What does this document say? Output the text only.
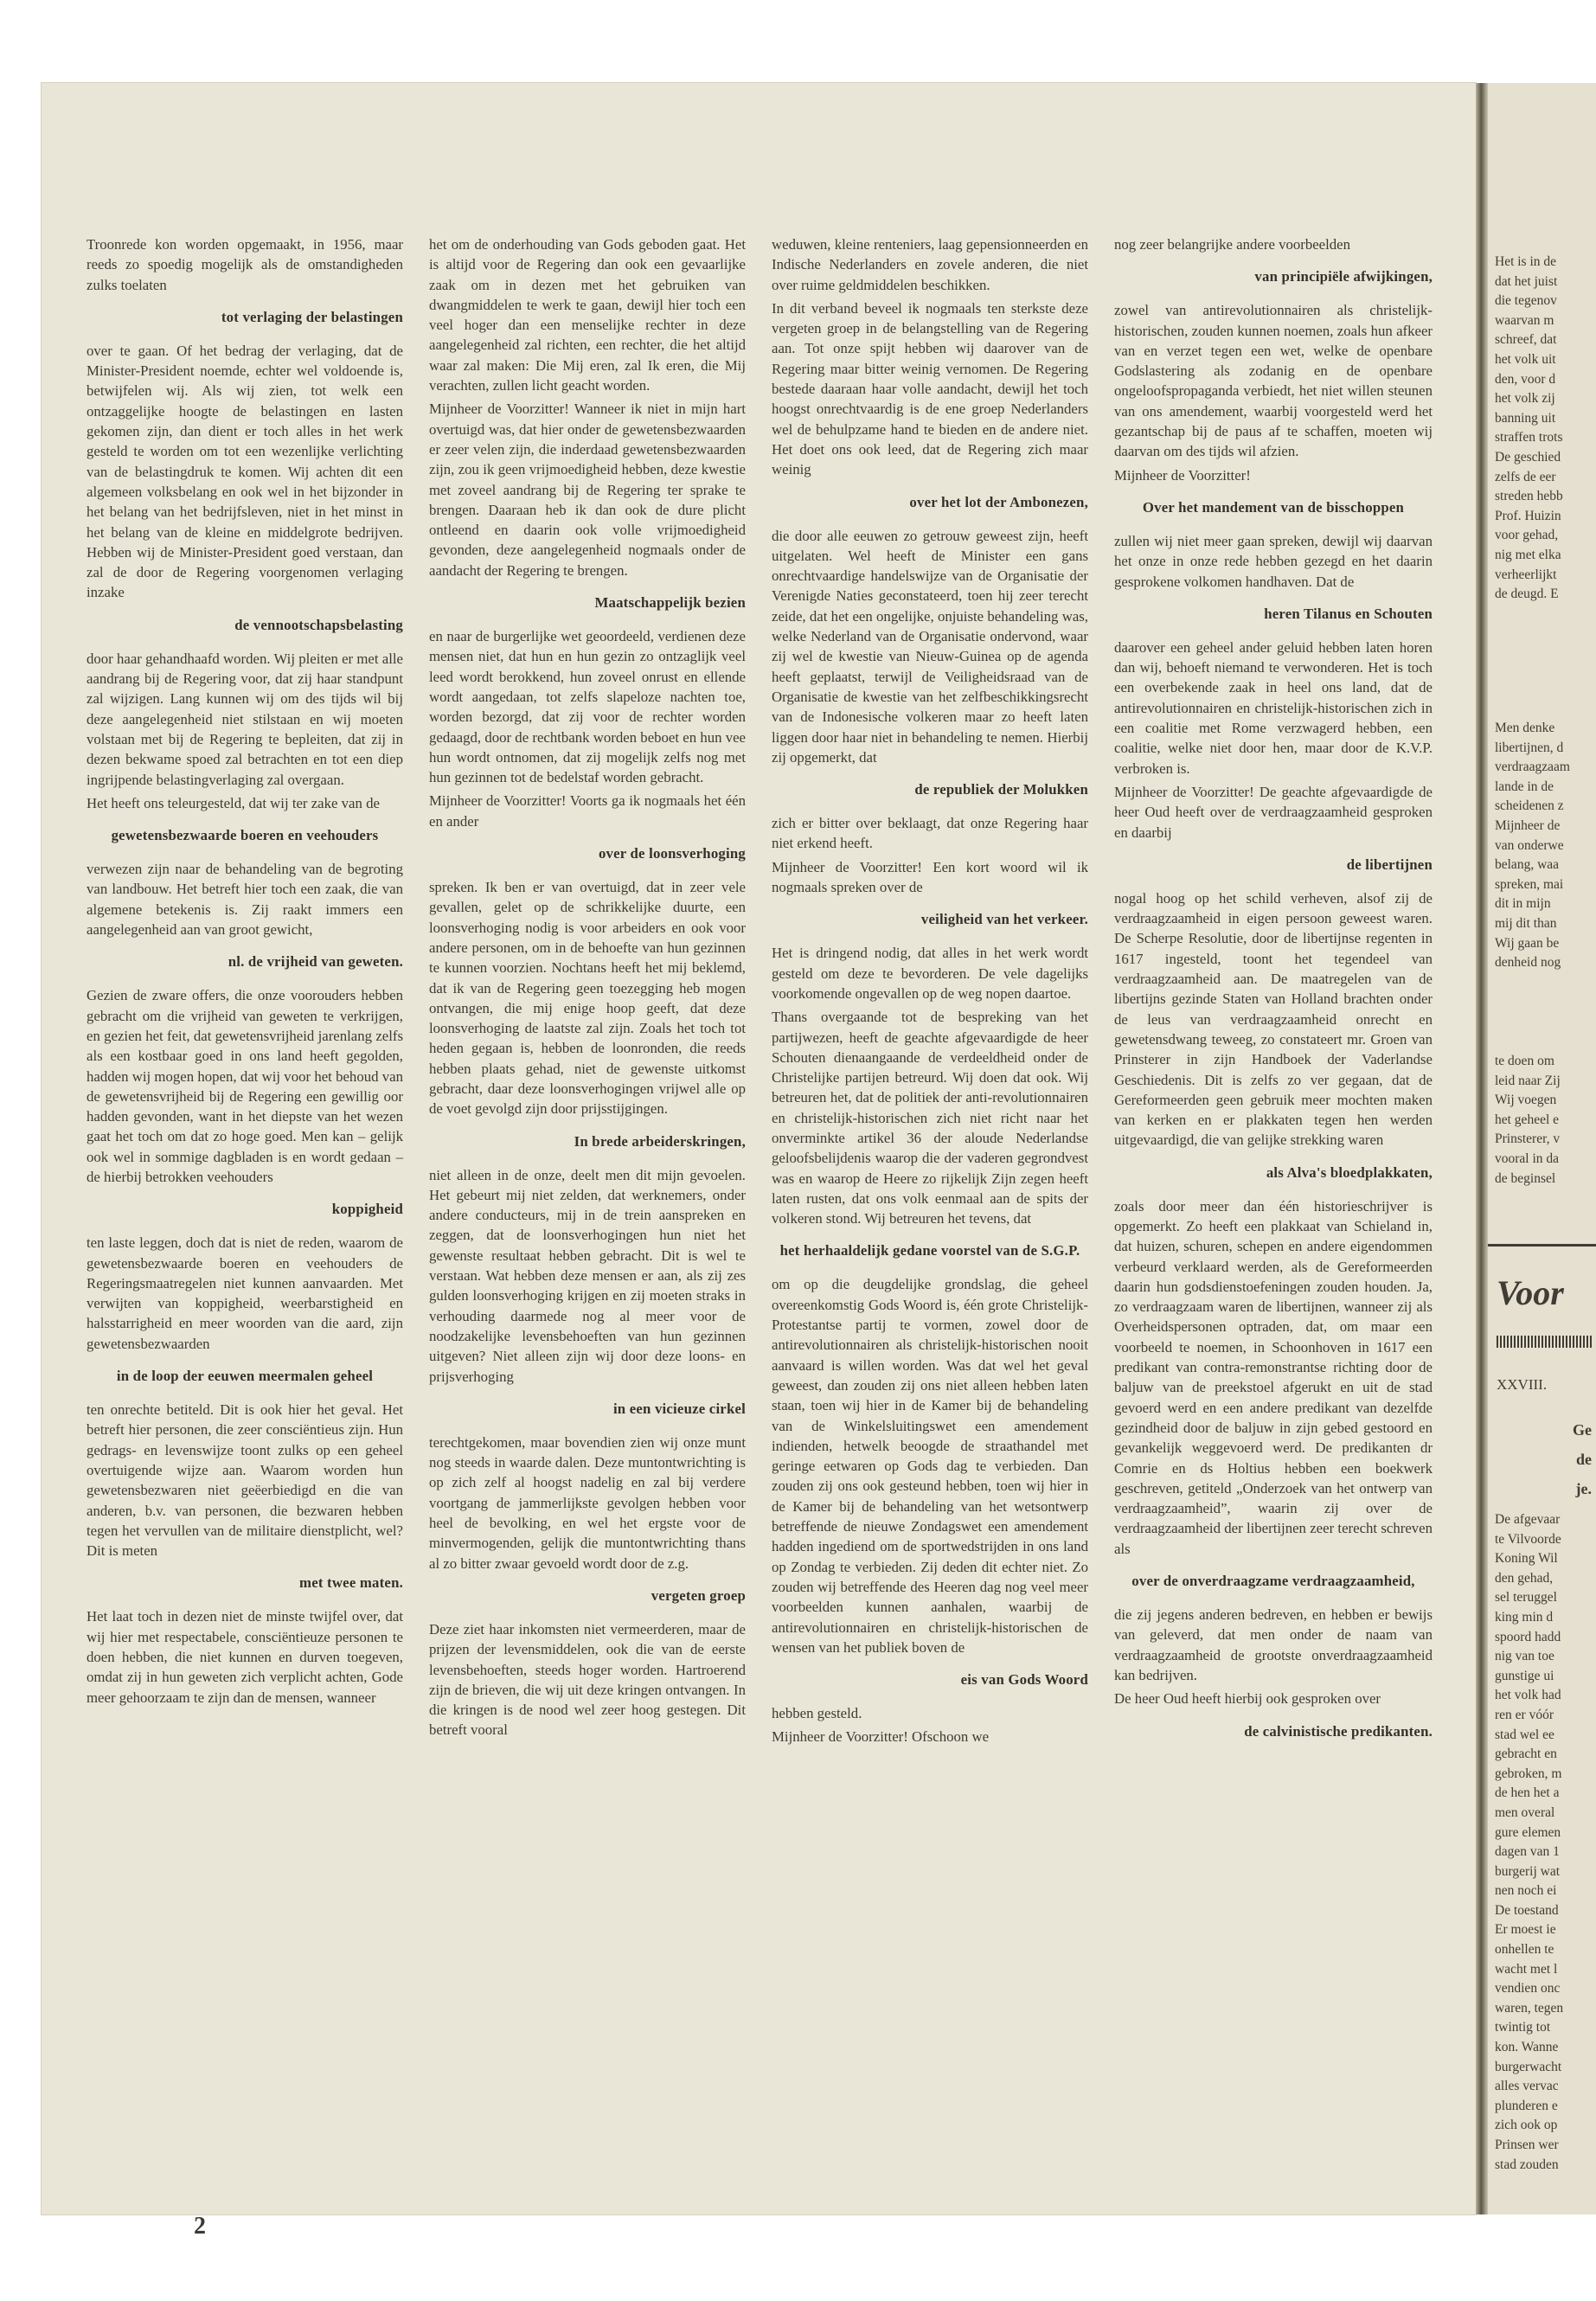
Troonrede kon worden opgemaakt, in 1956, maar reeds zo spoedig mogelijk als de omstandigheden zulks toelaten

tot verlaging der belastingen

over te gaan. Of het bedrag der verlaging, dat de Minister-President noemde, echter wel voldoende is, betwijfelen wij. Als wij zien, tot welk een ontzaggelijke hoogte de belastingen en lasten gekomen zijn, dan dient er toch alles in het werk gesteld te worden om tot een wezenlijke verlichting van de belastingdruk te komen. Wij achten dit een algemeen volksbelang en ook wel in het bijzonder in het belang van het bedrijfsleven, niet in het minst in het belang van de kleine en middelgrote bedrijven. Hebben wij de Minister-President goed verstaan, dan zal de door de Regering voorgenomen verlaging inzake

de vennootschapsbelasting

door haar gehandhaafd worden. Wij pleiten er met alle aandrang bij de Regering voor, dat zij haar standpunt zal wijzigen. Lang kunnen wij om des tijds wil bij deze aangelegenheid niet stilstaan en wij moeten volstaan met bij de Regering te bepleiten, dat zij in dezen bekwame spoed zal betrachten en tot een diep ingrijpende belastingverlaging zal overgaan.

Het heeft ons teleurgesteld, dat wij ter zake van de

gewetensbezwaarde boeren en veehouders

verwezen zijn naar de behandeling van de begroting van landbouw. Het betreft hier toch een zaak, die van algemene betekenis is. Zij raakt immers een aangelegenheid aan van groot gewicht,

nl. de vrijheid van geweten.

Gezien de zware offers, die onze voorouders hebben gebracht om die vrijheid van geweten te verkrijgen, en gezien het feit, dat gewetensvrijheid jarenlang zelfs als een kostbaar goed in ons land heeft gegolden, hadden wij mogen hopen, dat wij voor het behoud van de gewetensvrijheid bij de Regering een gewillig oor hadden gevonden, want in het diepste van het wezen gaat het toch om dat zo hoge goed. Men kan – gelijk ook wel in sommige dagbladen is en wordt gedaan – de hierbij betrokken veehouders

koppigheid

ten laste leggen, doch dat is niet de reden, waarom de gewetensbezwaarde boeren en veehouders de Regeringsmaatregelen niet kunnen aanvaarden. Met verwijten van koppigheid, weerbarstigheid en halsstarrigheid en meer woorden van die aard, zijn gewetensbezwaarden

in de loop der eeuwen meermalen geheel

ten onrechte betiteld. Dit is ook hier het geval. Het betreft hier personen, die zeer consciëntieus zijn. Hun gedrags- en levenswijze toont zulks op een geheel overtuigende wijze aan. Waarom worden hun gewetensbezwaren niet geëerbiedigd en die van anderen, b.v. van personen, die bezwaren hebben tegen het vervullen van de militaire dienstplicht, wel? Dit is meten

met twee maten.

Het laat toch in dezen niet de minste twijfel over, dat wij hier met respectabele, consciëntieuze personen te doen hebben, die niet kunnen en durven toegeven, omdat zij in hun geweten zich verplicht achten, Gode meer gehoorzaam te zijn dan de mensen, wanneer

het om de onderhouding van Gods geboden gaat. Het is altijd voor de Regering dan ook een gevaarlijke zaak om in dezen met het gebruiken van dwangmiddelen te werk te gaan, dewijl hier toch een veel hoger dan een menselijke rechter in deze aangelegenheid zal richten, een rechter, die het altijd waar zal maken: Die Mij eren, zal Ik eren, die Mij verachten, zullen licht geacht worden.

Mijnheer de Voorzitter! Wanneer ik niet in mijn hart overtuigd was, dat hier onder de gewetensbezwaarden er zeer velen zijn, die inderdaad gewetensbezwaarden zijn, zou ik geen vrijmoedigheid hebben, deze kwestie met zoveel aandrang bij de Regering ter sprake te brengen. Daaraan heb ik dan ook de dure plicht ontleend en daarin ook volle vrijmoedigheid gevonden, deze aangelegenheid nogmaals onder de aandacht der Regering te brengen.

Maatschappelijk bezien

en naar de burgerlijke wet geoordeeld, verdienen deze mensen niet, dat hun en hun gezin zo ontzaglijk veel leed wordt berokkend, hun zoveel onrust en ellende wordt aangedaan, tot zelfs slapeloze nachten toe, worden bezorgd, dat zij voor de rechter worden gedaagd, door de rechtbank worden beboet en hun vee hun wordt ontnomen, dat zij mogelijk zelfs nog met hun gezinnen tot de bedelstaf worden gebracht.

Mijnheer de Voorzitter! Voorts ga ik nogmaals het één en ander

over de loonsverhoging

spreken. Ik ben er van overtuigd, dat in zeer vele gevallen, gelet op de schrikkelijke duurte, een loonsverhoging nodig is voor arbeiders en ook voor andere personen, om in de behoefte van hun gezinnen te kunnen voorzien. Nochtans heeft het mij beklemd, dat ik van de Regering geen toezegging heb mogen ontvangen, die mij enige hoop geeft, dat deze loonsverhoging de laatste zal zijn. Zoals het toch tot heden gegaan is, hebben de loonronden, die reeds hebben plaats gehad, niet de gewenste uitkomst gebracht, daar deze loonsverhogingen vrijwel alle op de voet gevolgd zijn door prijsstijgingen.

In brede arbeiderskringen,

niet alleen in de onze, deelt men dit mijn gevoelen. Het gebeurt mij niet zelden, dat werknemers, onder andere conducteurs, mij in de trein aanspreken en zeggen, dat de loonsverhogingen hun niet het gewenste resultaat hebben gebracht. Dit is wel te verstaan. Wat hebben deze mensen er aan, als zij zes gulden loonsverhoging krijgen en zij moeten straks in verhouding daarmede nog al meer voor de noodzakelijke levensbehoeften van hun gezinnen uitgeven? Niet alleen zijn wij door deze loons- en prijsverhoging

in een vicieuze cirkel

terechtgekomen, maar bovendien zien wij onze munt nog steeds in waarde dalen. Deze muntontwrichting is op zich zelf al hoogst nadelig en zal bij verdere voortgang de jammerlijkste gevolgen hebben voor heel de bevolking, en wel het ergste voor de minvermogenden, gelijk die muntontwrichting thans al zo bitter zwaar gevoeld wordt door de z.g.

vergeten groep

Deze ziet haar inkomsten niet vermeerderen, maar de prijzen der levensmiddelen, ook die van de eerste levensbehoeften, steeds hoger worden. Hartroerend zijn de brieven, die wij uit deze kringen ontvangen. In die kringen is de nood wel zeer hoog gestegen. Dit betreft vooral

weduwen, kleine renteniers, laag gepensionneerden en Indische Nederlanders en zovele anderen, die niet over ruime geldmiddelen beschikken.

In dit verband beveel ik nogmaals ten sterkste deze vergeten groep in de belangstelling van de Regering aan. Tot onze spijt hebben wij daarover van de Regering maar bitter weinig vernomen. De Regering bestede daaraan haar volle aandacht, dewijl het toch hoogst onrechtvaardig is de ene groep Nederlanders wel de behulpzame hand te bieden en de andere niet. Het doet ons ook leed, dat de Regering zich maar weinig

over het lot der Ambonezen,

die door alle eeuwen zo getrouw geweest zijn, heeft uitgelaten. Wel heeft de Minister een gans onrechtvaardige handelswijze van de Organisatie der Verenigde Naties geconstateerd, toen hij zeer terecht zeide, dat het een ongelijke, onjuiste behandeling was, welke Nederland van de Organisatie ondervond, waar zij wel de kwestie van Nieuw-Guinea op de agenda heeft geplaatst, terwijl de Veiligheidsraad van de Organisatie de kwestie van het zelfbeschikkingsrecht van de Indonesische volkeren maar zo heeft laten liggen door haar niet in behandeling te nemen. Hierbij zij opgemerkt, dat

de republiek der Molukken

zich er bitter over beklaagt, dat onze Regering haar niet erkend heeft.

Mijnheer de Voorzitter! Een kort woord wil ik nogmaals spreken over de

veiligheid van het verkeer.

Het is dringend nodig, dat alles in het werk wordt gesteld om deze te bevorderen. De vele dagelijks voorkomende ongevallen op de weg nopen daartoe.

Thans overgaande tot de bespreking van het partijwezen, heeft de geachte afgevaardigde de heer Schouten dienaangaande de verdeeldheid onder de Christelijke partijen betreurd. Wij doen dat ook. Wij betreuren het, dat de politiek der anti-revolutionnairen en christelijk-historischen zich niet richt naar het onverminkte artikel 36 der aloude Nederlandse geloofsbelijdenis waarop die der vaderen gegrondvest was en waarop de Heere zo rijkelijk Zijn zegen heeft laten rusten, dat ons volk eenmaal aan de spits der volkeren stond. Wij betreuren het tevens, dat

het herhaaldelijk gedane voorstel van de S.G.P.

om op die deugdelijke grondslag, die geheel overeenkomstig Gods Woord is, één grote Christelijk-Protestantse partij te vormen, zowel door de antirevolutionnairen als christelijk-historischen nooit aanvaard is willen worden. Was dat wel het geval geweest, dan zouden zij ons niet alleen hebben laten staan, toen wij hier in de Kamer bij de behandeling van de Winkelsluitingswet een amendement indienden, hetwelk beoogde de straathandel met geringe eetwaren op Gods dag te verbieden. Dan zouden zij ons ook gesteund hebben, toen wij hier in de Kamer bij de behandeling van het wetsontwerp betreffende de nieuwe Zondagswet een amendement hadden ingediend om de sportwedstrijden in ons land op Zondag te verbieden. Zij deden dit echter niet. Zo zouden wij betreffende des Heeren dag nog veel meer voorbeelden kunnen aanhalen, waarbij de antirevolutionnairen en christelijk-historischen de wensen van het publiek boven de

eis van Gods Woord

hebben gesteld.

Mijnheer de Voorzitter! Ofschoon we

nog zeer belangrijke andere voorbeelden

van principiële afwijkingen,

zowel van antirevolutionnairen als christelijk-historischen, zouden kunnen noemen, zoals hun afkeer van en verzet tegen een wet, welke de openbare Godslastering als zodanig en de openbare ongeloofspropaganda verbiedt, het niet willen steunen van ons amendement, waarbij voorgesteld werd het gezantschap bij de paus af te schaffen, moeten wij daarvan om des tijds wil afzien.

Mijnheer de Voorzitter!

Over het mandement van de bisschoppen

zullen wij niet meer gaan spreken, dewijl wij daarvan het onze in onze rede hebben gezegd en het daarin gesprokene volkomen handhaven. Dat de

heren Tilanus en Schouten

daarover een geheel ander geluid hebben laten horen dan wij, behoeft niemand te verwonderen. Het is toch een overbekende zaak in heel ons land, dat de antirevolutionnairen en christelijk-historischen zich in een coalitie met Rome verzwagerd hebben, een coalitie, welke niet door hen, maar door de K.V.P. verbroken is.

Mijnheer de Voorzitter! De geachte afgevaardigde de heer Oud heeft over de verdraagzaamheid gesproken en daarbij

de libertijnen

nogal hoog op het schild verheven, alsof zij de verdraagzaamheid in eigen persoon geweest waren. De Scherpe Resolutie, door de libertijnse regenten in 1617 ingesteld, toont het tegendeel van verdraagzaamheid aan. De maatregelen van de libertijns gezinde Staten van Holland brachten onder de leus van verdraagzaamheid onrecht en gewetensdwang teweeg, zo constateert mr. Groen van Prinsterer in zijn Handboek der Vaderlandse Geschiedenis. Dit is zelfs zo ver gegaan, dat de Gereformeerden geen gebruik meer mochten maken van kerken en er plakkaten tegen hen werden uitgevaardigd, die van gelijke strekking waren

als Alva's bloedplakkaten,

zoals door meer dan één historieschrijver is opgemerkt. Zo heeft een plakkaat van Schieland in, dat huizen, schuren, schepen en andere eigendommen verbeurd verklaard werden, als de Gereformeerden daarin hun godsdienstoefeningen zouden houden. Ja, zo verdraagzaam waren de libertijnen, wanneer zij als Overheidspersonen optraden, dat, om maar een voorbeeld te noemen, in Schoonhoven in 1617 een predikant van contra-remonstrantse richting door de baljuw van de preekstoel afgerukt en uit de stad gevoerd werd en een andere predikant van dezelfde gezindheid door de baljuw in zijn gebed gestoord en gevankelijk weggevoerd werd. De predikanten dr Comrie en ds Holtius hebben een boekwerk geschreven, getiteld „Onderzoek van het ontwerp van verdraagzaamheid”, waarin zij over de verdraagzaamheid der libertijnen zeer terecht schreven als

over de onverdraagzame verdraagzaamheid,

die zij jegens anderen bedreven, en hebben er bewijs van geleverd, dat men onder de naam van verdraagzaamheid de grootste onverdraagzaamheid kan bedrijven.

De heer Oud heeft hierbij ook gesproken over

de calvinistische predikanten.
2
Het is in de
dat het juist
die tegenov
waarvan m
schreef, dat
het volk uit
den, voor d
het volk zij
banning uit
straffen trots
De geschied
zelfs de eer
streden hebb
Prof. Huizin
voor gehad,
nig met elka
verheerlijkt
de deugd. E
Men denke
libertijnen, d
verdraagzaam
lande in de
scheidenen z
Mijnheer de
van onderwe
belang, waa
spreken, mai
dit in mijn
mij dit than
Wij gaan be
denheid nog
te doen om
leid naar Zij
Wij voegen
het geheel e
Prinsterer, v
vooral in da
de beginsel
Voor
XXVIII.
Ge
de
je.
De afgevaar
te Vilvoorde
Koning Wil
den gehad,
sel teruggel
king min d
spoord hadd
nig van toe
gunstige ui
het volk had
ren er vóór
stad wel ee
gebracht en
gebroken, m
de hen het a
men overal
gure elemen
dagen van 1
burgerij wat
nen noch ei
De toestand
Er moest ie
onhellen te
wacht met l
vendien onc
waren, tegen
twintig tot
kon. Wanne
burgerwacht
alles vervac
plunderen e
zich ook op
Prinsen wer
stad zouden
